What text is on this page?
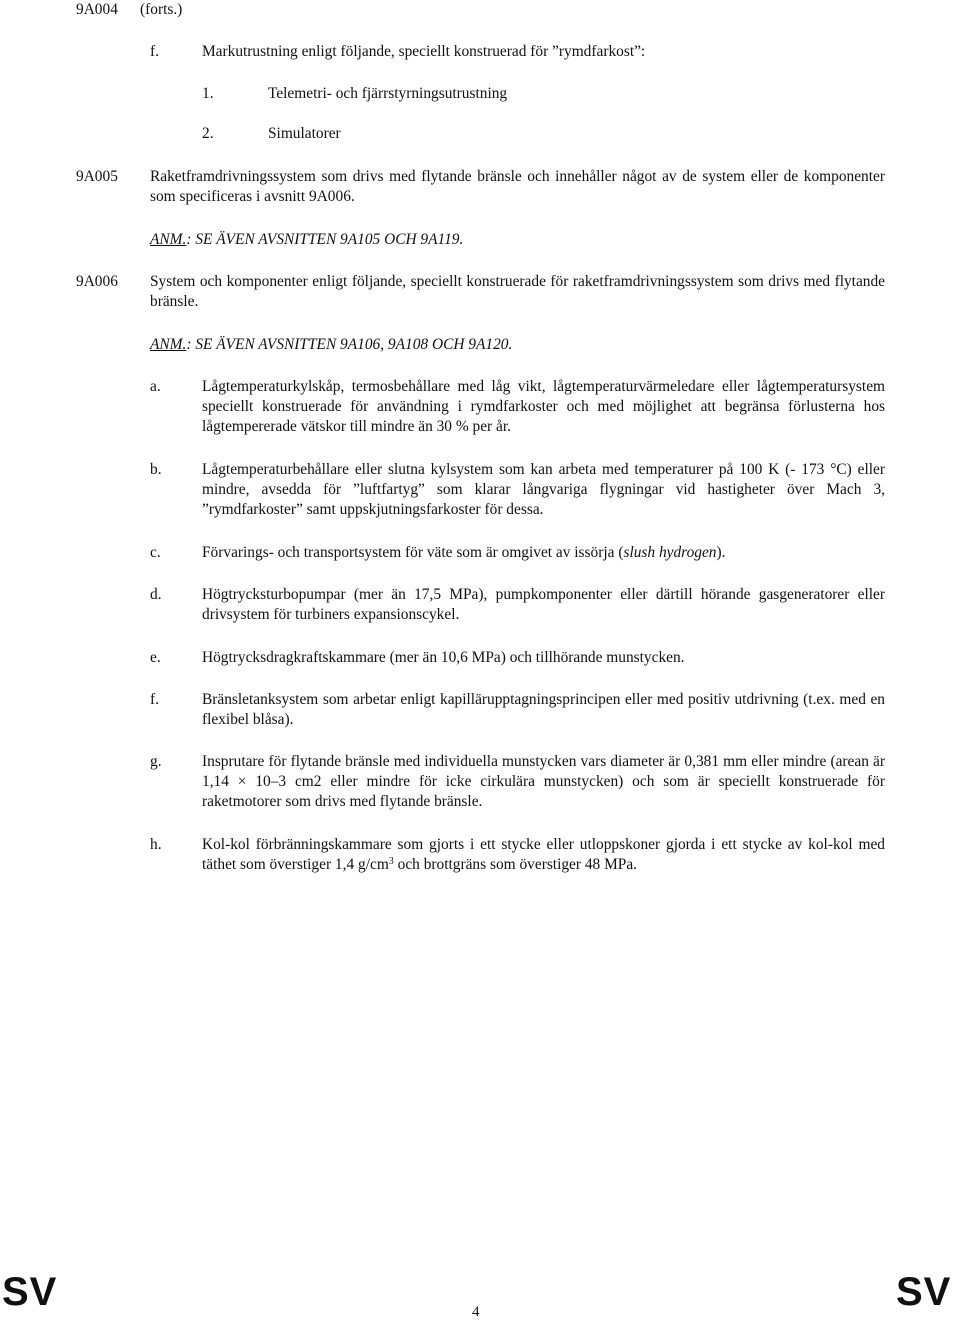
9A004 (forts.)
f.	Markutrustning enligt följande, speciellt konstruerad för ”rymdfarkost”:
1.	Telemetri- och fjärrstyrningsutrustning
2.	Simulatorer
9A005 Raketframdrivningssystem som drivs med flytande bränsle och innehåller något av de system eller de komponenter som specificeras i avsnitt 9A006.
ANM.: SE ÄVEN AVSNITTEN 9A105 OCH 9A119.
9A006 System och komponenter enligt följande, speciellt konstruerade för raketframdrivningssystem som drivs med flytande bränsle.
ANM.: SE ÄVEN AVSNITTEN 9A106, 9A108 OCH 9A120.
a.	Lågtemperaturkylskåp, termosbehållare med låg vikt, lågtemperaturvärmeledare eller lågtemperatursystem speciellt konstruerade för användning i rymdfarkoster och med möjlighet att begränsa förlusterna hos lågtempererade vätskor till mindre än 30 % per år.
b.	Lågtemperaturbehållare eller slutna kylsystem som kan arbeta med temperaturer på 100 K (- 173 °C) eller mindre, avsedda för ”luftfartyg” som klarar långvariga flygningar vid hastigheter över Mach 3, ”rymdfarkoster” samt uppskjutningsfarkoster för dessa.
c.	Förvarings- och transportsystem för väte som är omgivet av issörja (slush hydrogen).
d.	Högtrycksturbopumpar (mer än 17,5 MPa), pumpkomponenter eller därtill hörande gasgeneratorer eller drivsystem för turbiners expansionscykel.
e.	Högtrycksdragkraftskammare (mer än 10,6 MPa) och tillhörande munstycken.
f.	Bränsletanksystem som arbetar enligt kapillärupptagningsprincipen eller med positiv utdrivning (t.ex. med en flexibel blåsa).
g.	Insprutare för flytande bränsle med individuella munstycken vars diameter är 0,381 mm eller mindre (arean är 1,14 × 10–3 cm2 eller mindre för icke cirkulära munstycken) och som är speciellt konstruerade för raketmotorer som drivs med flytande bränsle.
h.	Kol-kol förbränningskammare som gjorts i ett stycke eller utloppskoner gjorda i ett stycke av kol-kol med täthet som överstiger 1,4 $g/cm^3$ och brottgräns som överstiger 48 MPa.
SV	4	SV
